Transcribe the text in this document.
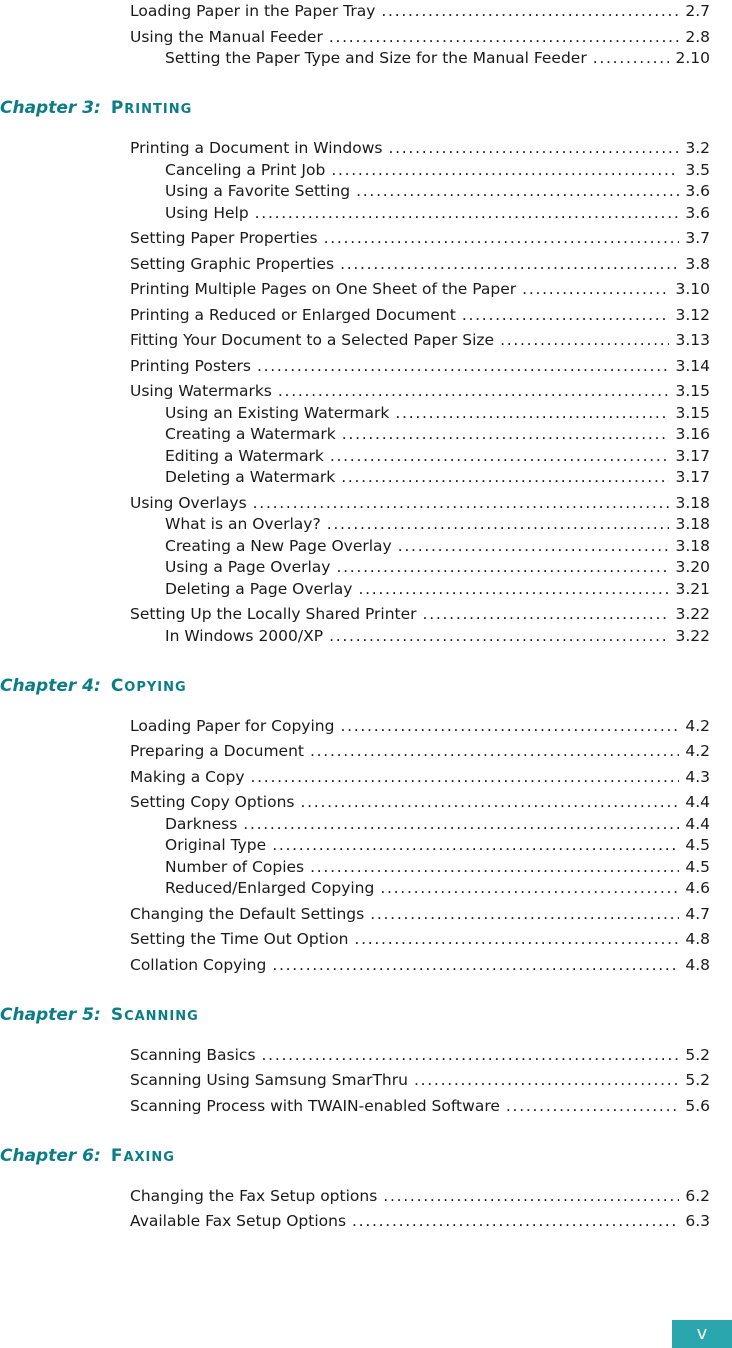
Loading Paper in the Paper Tray . . .	2.7
Using the Manual Feeder . . .	2.8
Setting the Paper Type and Size for the Manual Feeder . . .	2.10
Chapter 3: printing
Printing a Document in Windows . . .	3.2
Canceling a Print Job . . .	3.5
Using a Favorite Setting . . .	3.6
Using Help . . .	3.6
Setting Paper Properties . . .	3.7
Setting Graphic Properties . . .	3.8
Printing Multiple Pages on One Sheet of the Paper . . .	3.10
Printing a Reduced or Enlarged Document . . .	3.12
Fitting Your Document to a Selected Paper Size . . .	3.13
Printing Posters . . .	3.14
Using Watermarks . . .	3.15
Using an Existing Watermark . . .	3.15
Creating a Watermark . . .	3.16
Editing a Watermark . . .	3.17
Deleting a Watermark . . .	3.17
Using Overlays . . .	3.18
What is an Overlay? . . .	3.18
Creating a New Page Overlay . . .	3.18
Using a Page Overlay . . .	3.20
Deleting a Page Overlay . . .	3.21
Setting Up the Locally Shared Printer . . .	3.22
In Windows 2000/XP . . .	3.22
Chapter 4: copying
Loading Paper for Copying . . .	4.2
Preparing a Document . . .	4.2
Making a Copy . . .	4.3
Setting Copy Options . . .	4.4
Darkness . . .	4.4
Original Type . . .	4.5
Number of Copies . . .	4.5
Reduced/Enlarged Copying . . .	4.6
Changing the Default Settings . . .	4.7
Setting the Time Out Option . . .	4.8
Collation Copying . . .	4.8
Chapter 5: scanning
Scanning Basics . . .	5.2
Scanning Using Samsung SmarThru . . .	5.2
Scanning Process with TWAIN-enabled Software . . .	5.6
Chapter 6: faxing
Changing the Fax Setup options . . .	6.2
Available Fax Setup Options . . .	6.3
v
